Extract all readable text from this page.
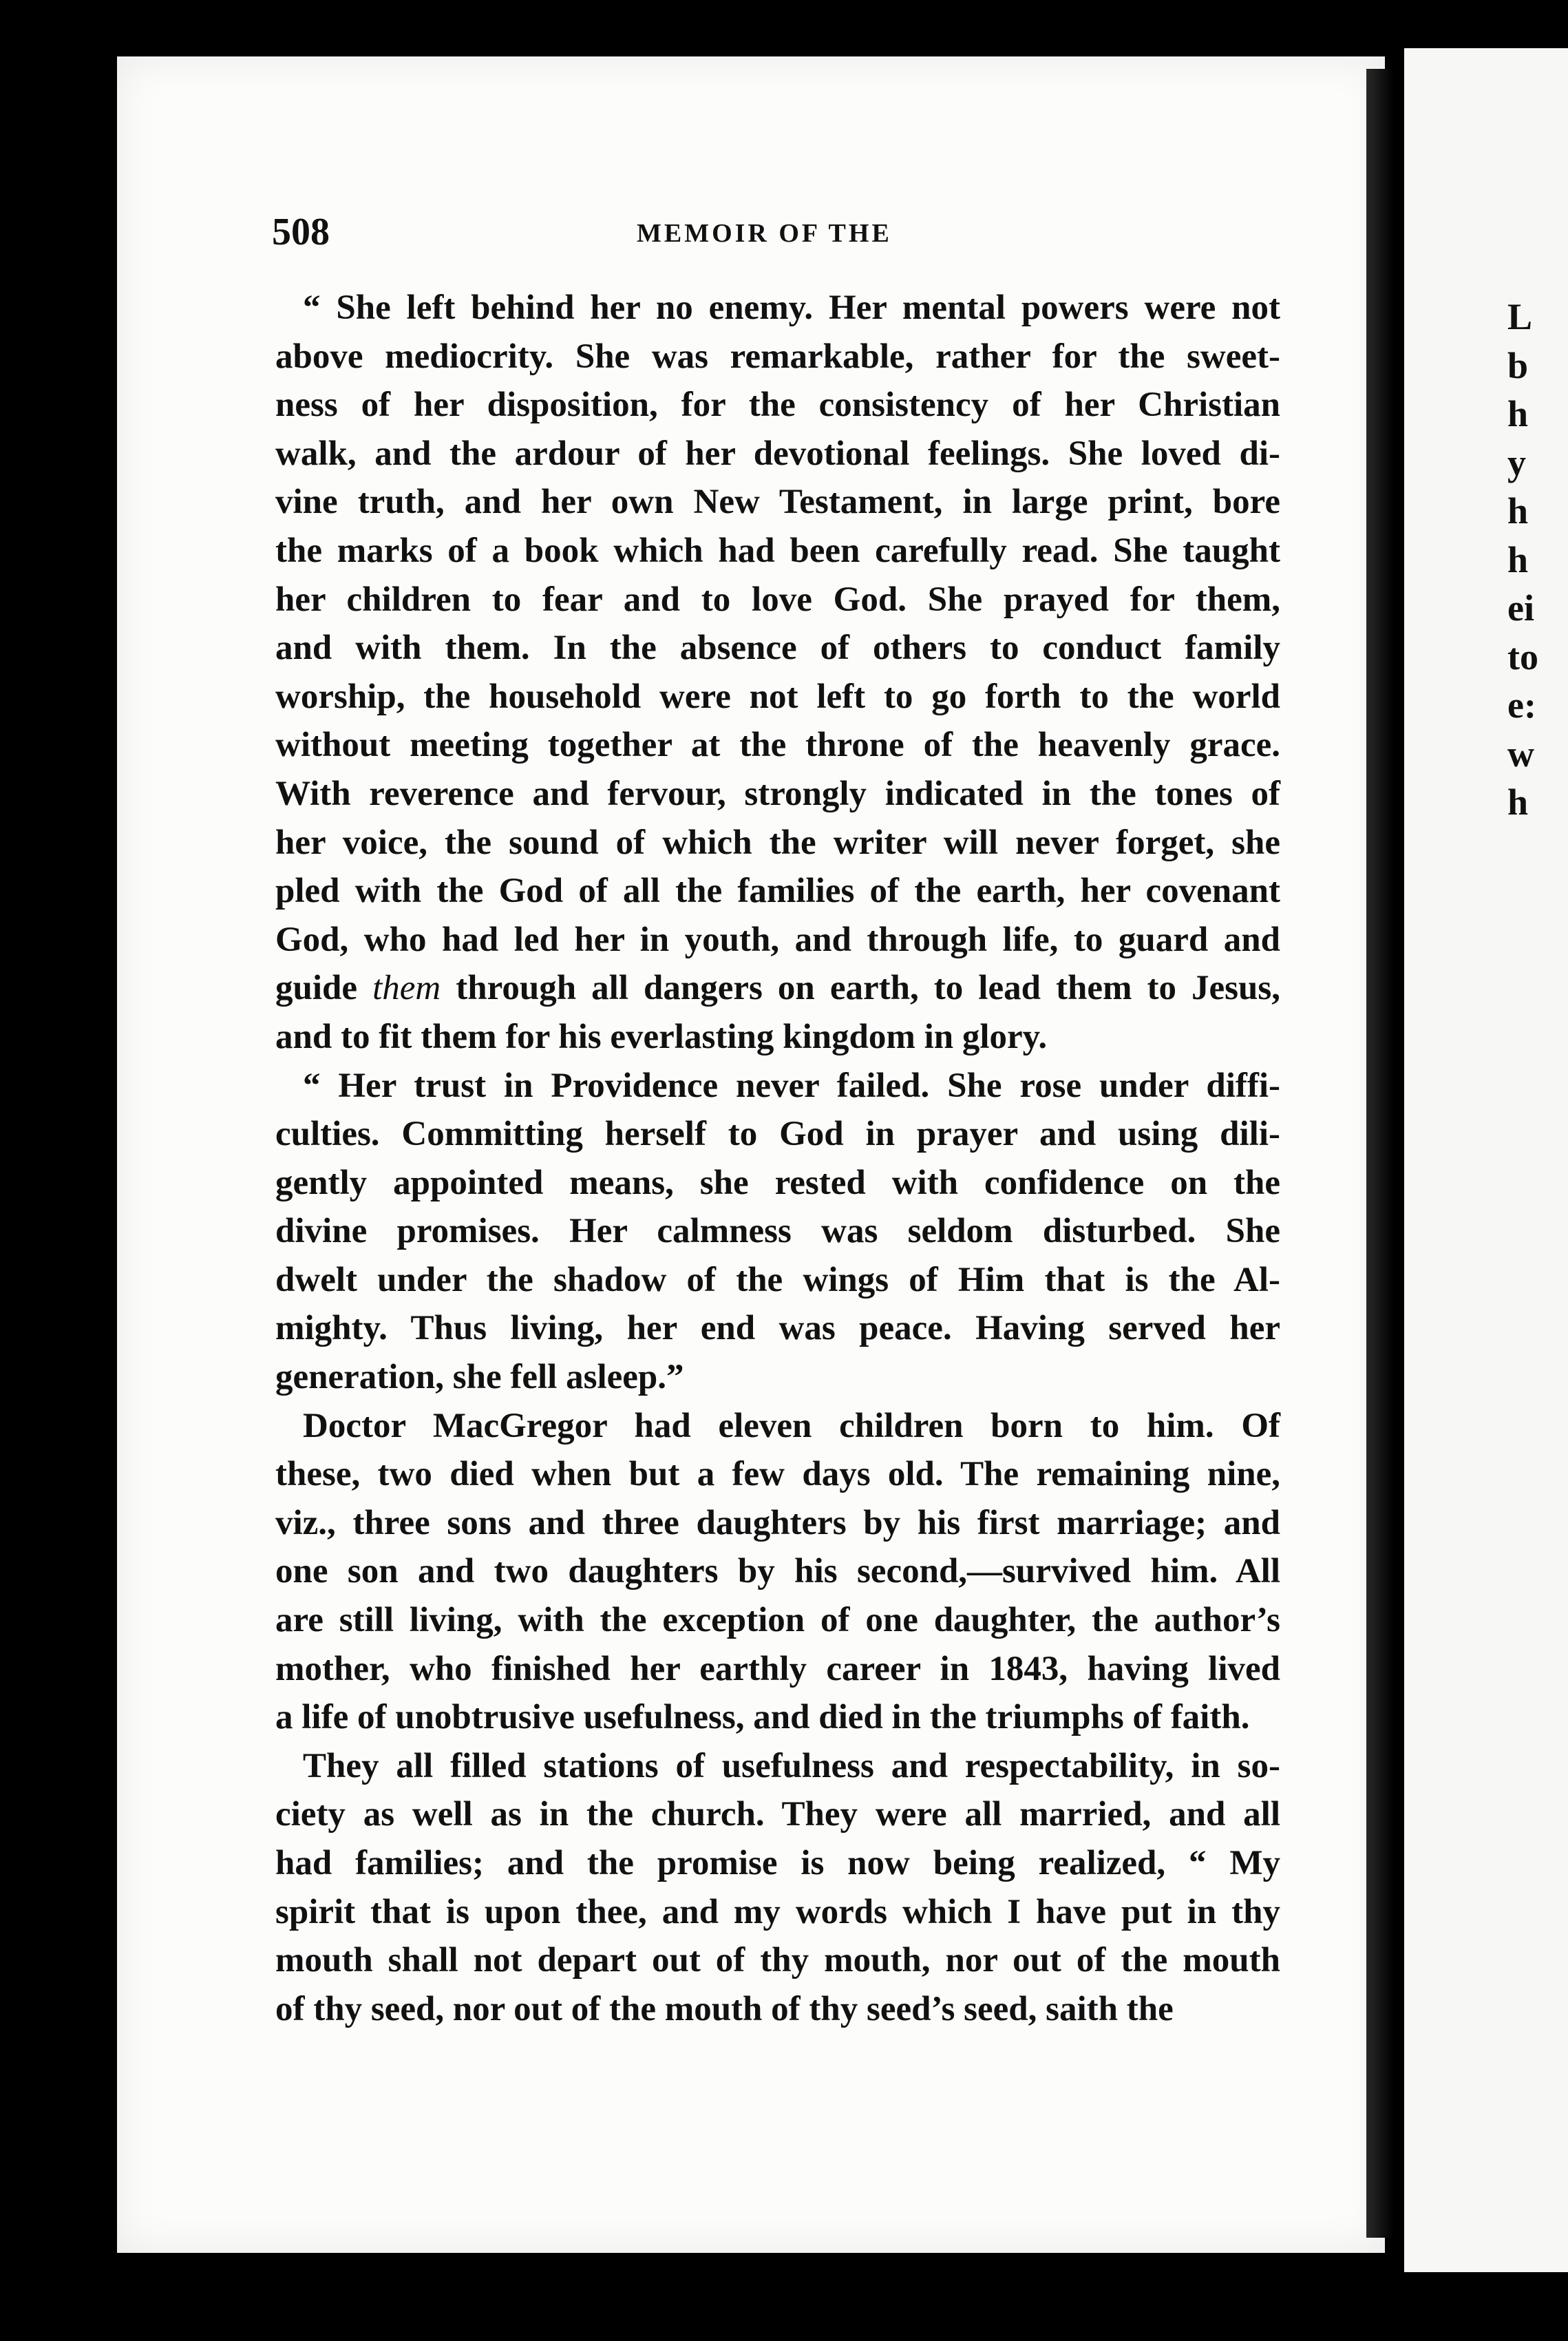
L
b
h
y
h
h
ei
to
e:
w
h
508	MEMOIR OF THE

“ She left behind her no enemy. Her mental powers were not
above mediocrity. She was remarkable, rather for the sweet-
ness of her disposition, for the consistency of her Christian
walk, and the ardour of her devotional feelings. She loved di-
vine truth, and her own New Testament, in large print, bore
the marks of a book which had been carefully read. She taught
her children to fear and to love God. She prayed for them,
and with them. In the absence of others to conduct family
worship, the household were not left to go forth to the world
without meeting together at the throne of the heavenly grace.
With reverence and fervour, strongly indicated in the tones of
her voice, the sound of which the writer will never forget, she
pled with the God of all the families of the earth, her covenant
God, who had led her in youth, and through life, to guard and
guide them through all dangers on earth, to lead them to Jesus,
and to fit them for his everlasting kingdom in glory.

“ Her trust in Providence never failed. She rose under diffi-
culties. Committing herself to God in prayer and using dili-
gently appointed means, she rested with confidence on the
divine promises. Her calmness was seldom disturbed. She
dwelt under the shadow of the wings of Him that is the Al-
mighty. Thus living, her end was peace. Having served her
generation, she fell asleep.”

Doctor MacGregor had eleven children born to him. Of
these, two died when but a few days old. The remaining nine,
viz., three sons and three daughters by his first marriage; and
one son and two daughters by his second,—survived him. All
are still living, with the exception of one daughter, the author’s
mother, who finished her earthly career in 1843, having lived
a life of unobtrusive usefulness, and died in the triumphs of faith.

They all filled stations of usefulness and respectability, in so-
ciety as well as in the church. They were all married, and all
had families; and the promise is now being realized, “ My
spirit that is upon thee, and my words which I have put in thy
mouth shall not depart out of thy mouth, nor out of the mouth
of thy seed, nor out of the mouth of thy seed’s seed, saith the
